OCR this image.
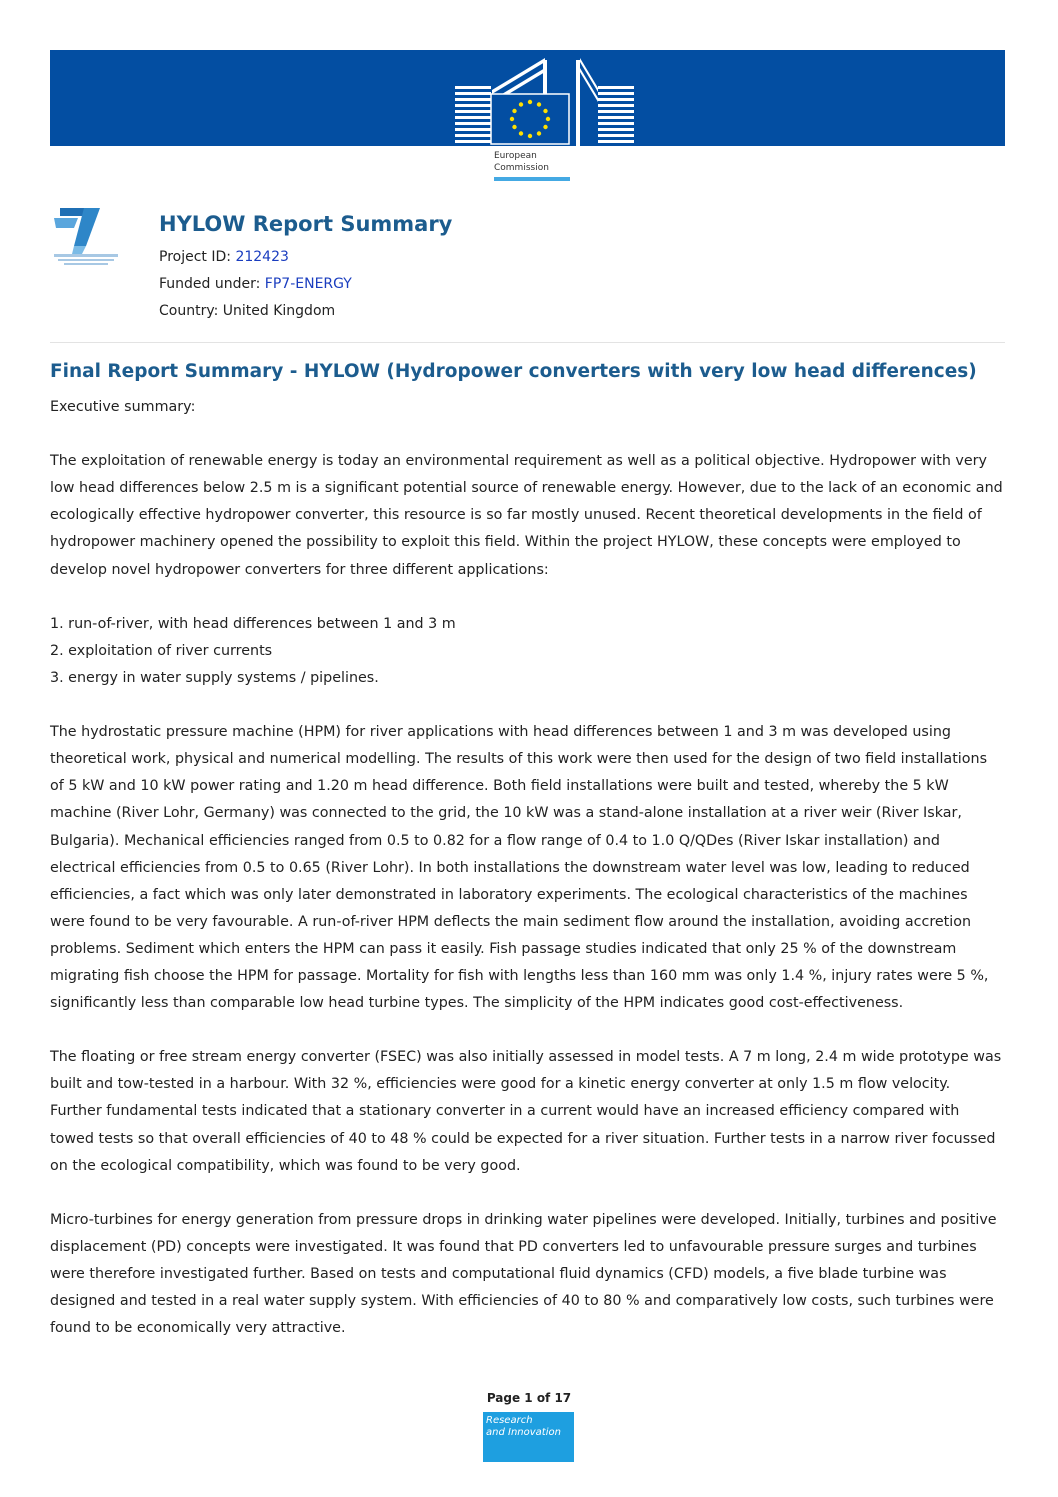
European
Commission
HYLOW Report Summary
Project ID: 212423
Funded under: FP7-ENERGY
Country: United Kingdom
Final Report Summary - HYLOW (Hydropower converters with very low head differences)

Executive summary:

The exploitation of renewable energy is today an environmental requirement as well as a political objective. Hydropower with very low head differences below 2.5 m is a significant potential source of renewable energy. However, due to the lack of an economic and ecologically effective hydropower converter, this resource is so far mostly unused. Recent theoretical developments in the field of hydropower machinery opened the possibility to exploit this field. Within the project HYLOW, these concepts were employed to develop novel hydropower converters for three different applications:

1. run-of-river, with head differences between 1 and 3 m

2. exploitation of river currents

3. energy in water supply systems / pipelines.

The hydrostatic pressure machine (HPM) for river applications with head differences between 1 and 3 m was developed using theoretical work, physical and numerical modelling. The results of this work were then used for the design of two field installations of 5 kW and 10 kW power rating and 1.20 m head difference. Both field installations were built and tested, whereby the 5 kW machine (River Lohr, Germany) was connected to the grid, the 10 kW was a stand-alone installation at a river weir (River Iskar, Bulgaria). Mechanical efficiencies ranged from 0.5 to 0.82 for a flow range of 0.4 to 1.0 Q/QDes (River Iskar installation) and electrical efficiencies from 0.5 to 0.65 (River Lohr). In both installations the downstream water level was low, leading to reduced efficiencies, a fact which was only later demonstrated in laboratory experiments. The ecological characteristics of the machines were found to be very favourable. A run-of-river HPM deflects the main sediment flow around the installation, avoiding accretion problems. Sediment which enters the HPM can pass it easily. Fish passage studies indicated that only 25 % of the downstream migrating fish choose the HPM for passage. Mortality for fish with lengths less than 160 mm was only 1.4 %, injury rates were 5 %, significantly less than comparable low head turbine types. The simplicity of the HPM indicates good cost-effectiveness.

The floating or free stream energy converter (FSEC) was also initially assessed in model tests. A 7 m long, 2.4 m wide prototype was built and tow-tested in a harbour. With 32 %, efficiencies were good for a kinetic energy converter at only 1.5 m flow velocity. Further fundamental tests indicated that a stationary converter in a current would have an increased efficiency compared with towed tests so that overall efficiencies of 40 to 48 % could be expected for a river situation. Further tests in a narrow river focussed on the ecological compatibility, which was found to be very good.

Micro-turbines for energy generation from pressure drops in drinking water pipelines were developed. Initially, turbines and positive displacement (PD) concepts were investigated. It was found that PD converters led to unfavourable pressure surges and turbines were therefore investigated further. Based on tests and computational fluid dynamics (CFD) models, a five blade turbine was designed and tested in a real water supply system. With efficiencies of 40 to 80 % and comparatively low costs, such turbines were found to be economically very attractive.

Page 1 of 17
Research
and Innovation
